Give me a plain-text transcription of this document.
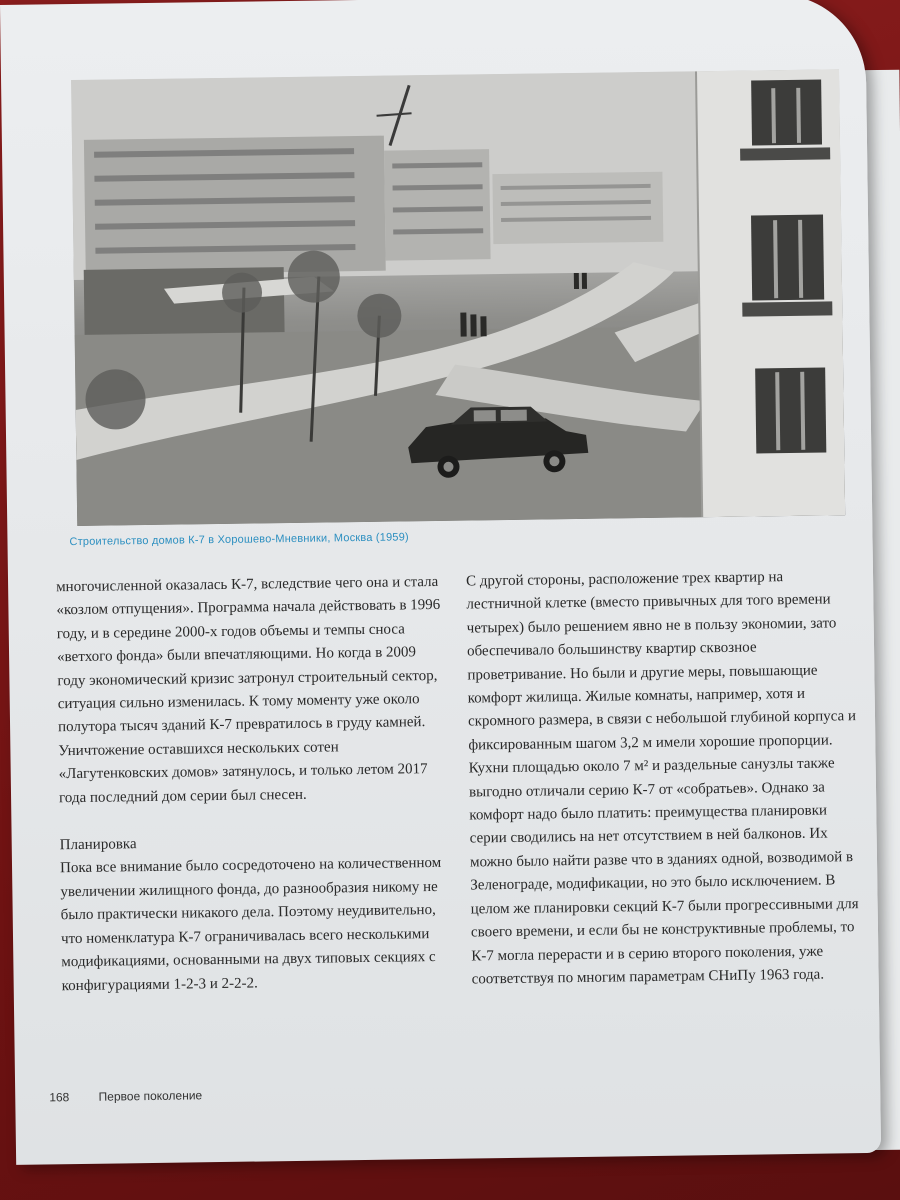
Строительство домов К-7 в Хорошево-Мневники, Москва (1959)

многочисленной оказалась К-7, вследствие чего она и стала «козлом отпущения». Программа начала действовать в 1996 году, и в середине 2000-х годов объемы и темпы сноса «ветхого фонда» были впечатляющими. Но когда в 2009 году экономический кризис затронул строительный сектор, ситуация сильно изменилась. К тому моменту уже около полутора тысяч зданий К-7 превратилось в груду камней. Уничтожение оставшихся нескольких сотен «Лагутенковских домов» затянулось, и только летом 2017 года последний дом серии был снесен.

Планировка

Пока все внимание было сосредоточено на количественном увеличении жилищного фонда, до разнообразия никому не было практически никакого дела. Поэтому неудивительно, что номенклатура К-7 ограничивалась всего несколькими модификациями, основанными на двух типовых секциях с конфигурациями 1-2-3 и 2-2-2.

С другой стороны, расположение трех квартир на лестничной клетке (вместо привычных для того времени четырех) было решением явно не в пользу экономии, зато обеспечивало большинству квартир сквозное проветривание. Но были и другие меры, повышающие комфорт жилища. Жилые комнаты, например, хотя и скромного размера, в связи с небольшой глубиной корпуса и фиксированным шагом 3,2 м имели хорошие пропорции. Кухни площадью около 7 м² и раздельные санузлы также выгодно отличали серию К-7 от «собратьев». Однако за комфорт надо было платить: преимущества планировки серии сводились на нет отсутствием в ней балконов. Их можно было найти разве что в зданиях одной, возводимой в Зеленограде, модификации, но это было исключением. В целом же планировки секций К-7 были прогрессивными для своего времени, и если бы не конструктивные проблемы, то К-7 могла перерасти и в серию второго поколения, уже соответствуя по многим параметрам СНиПу 1963 года.

168 Первое поколение
